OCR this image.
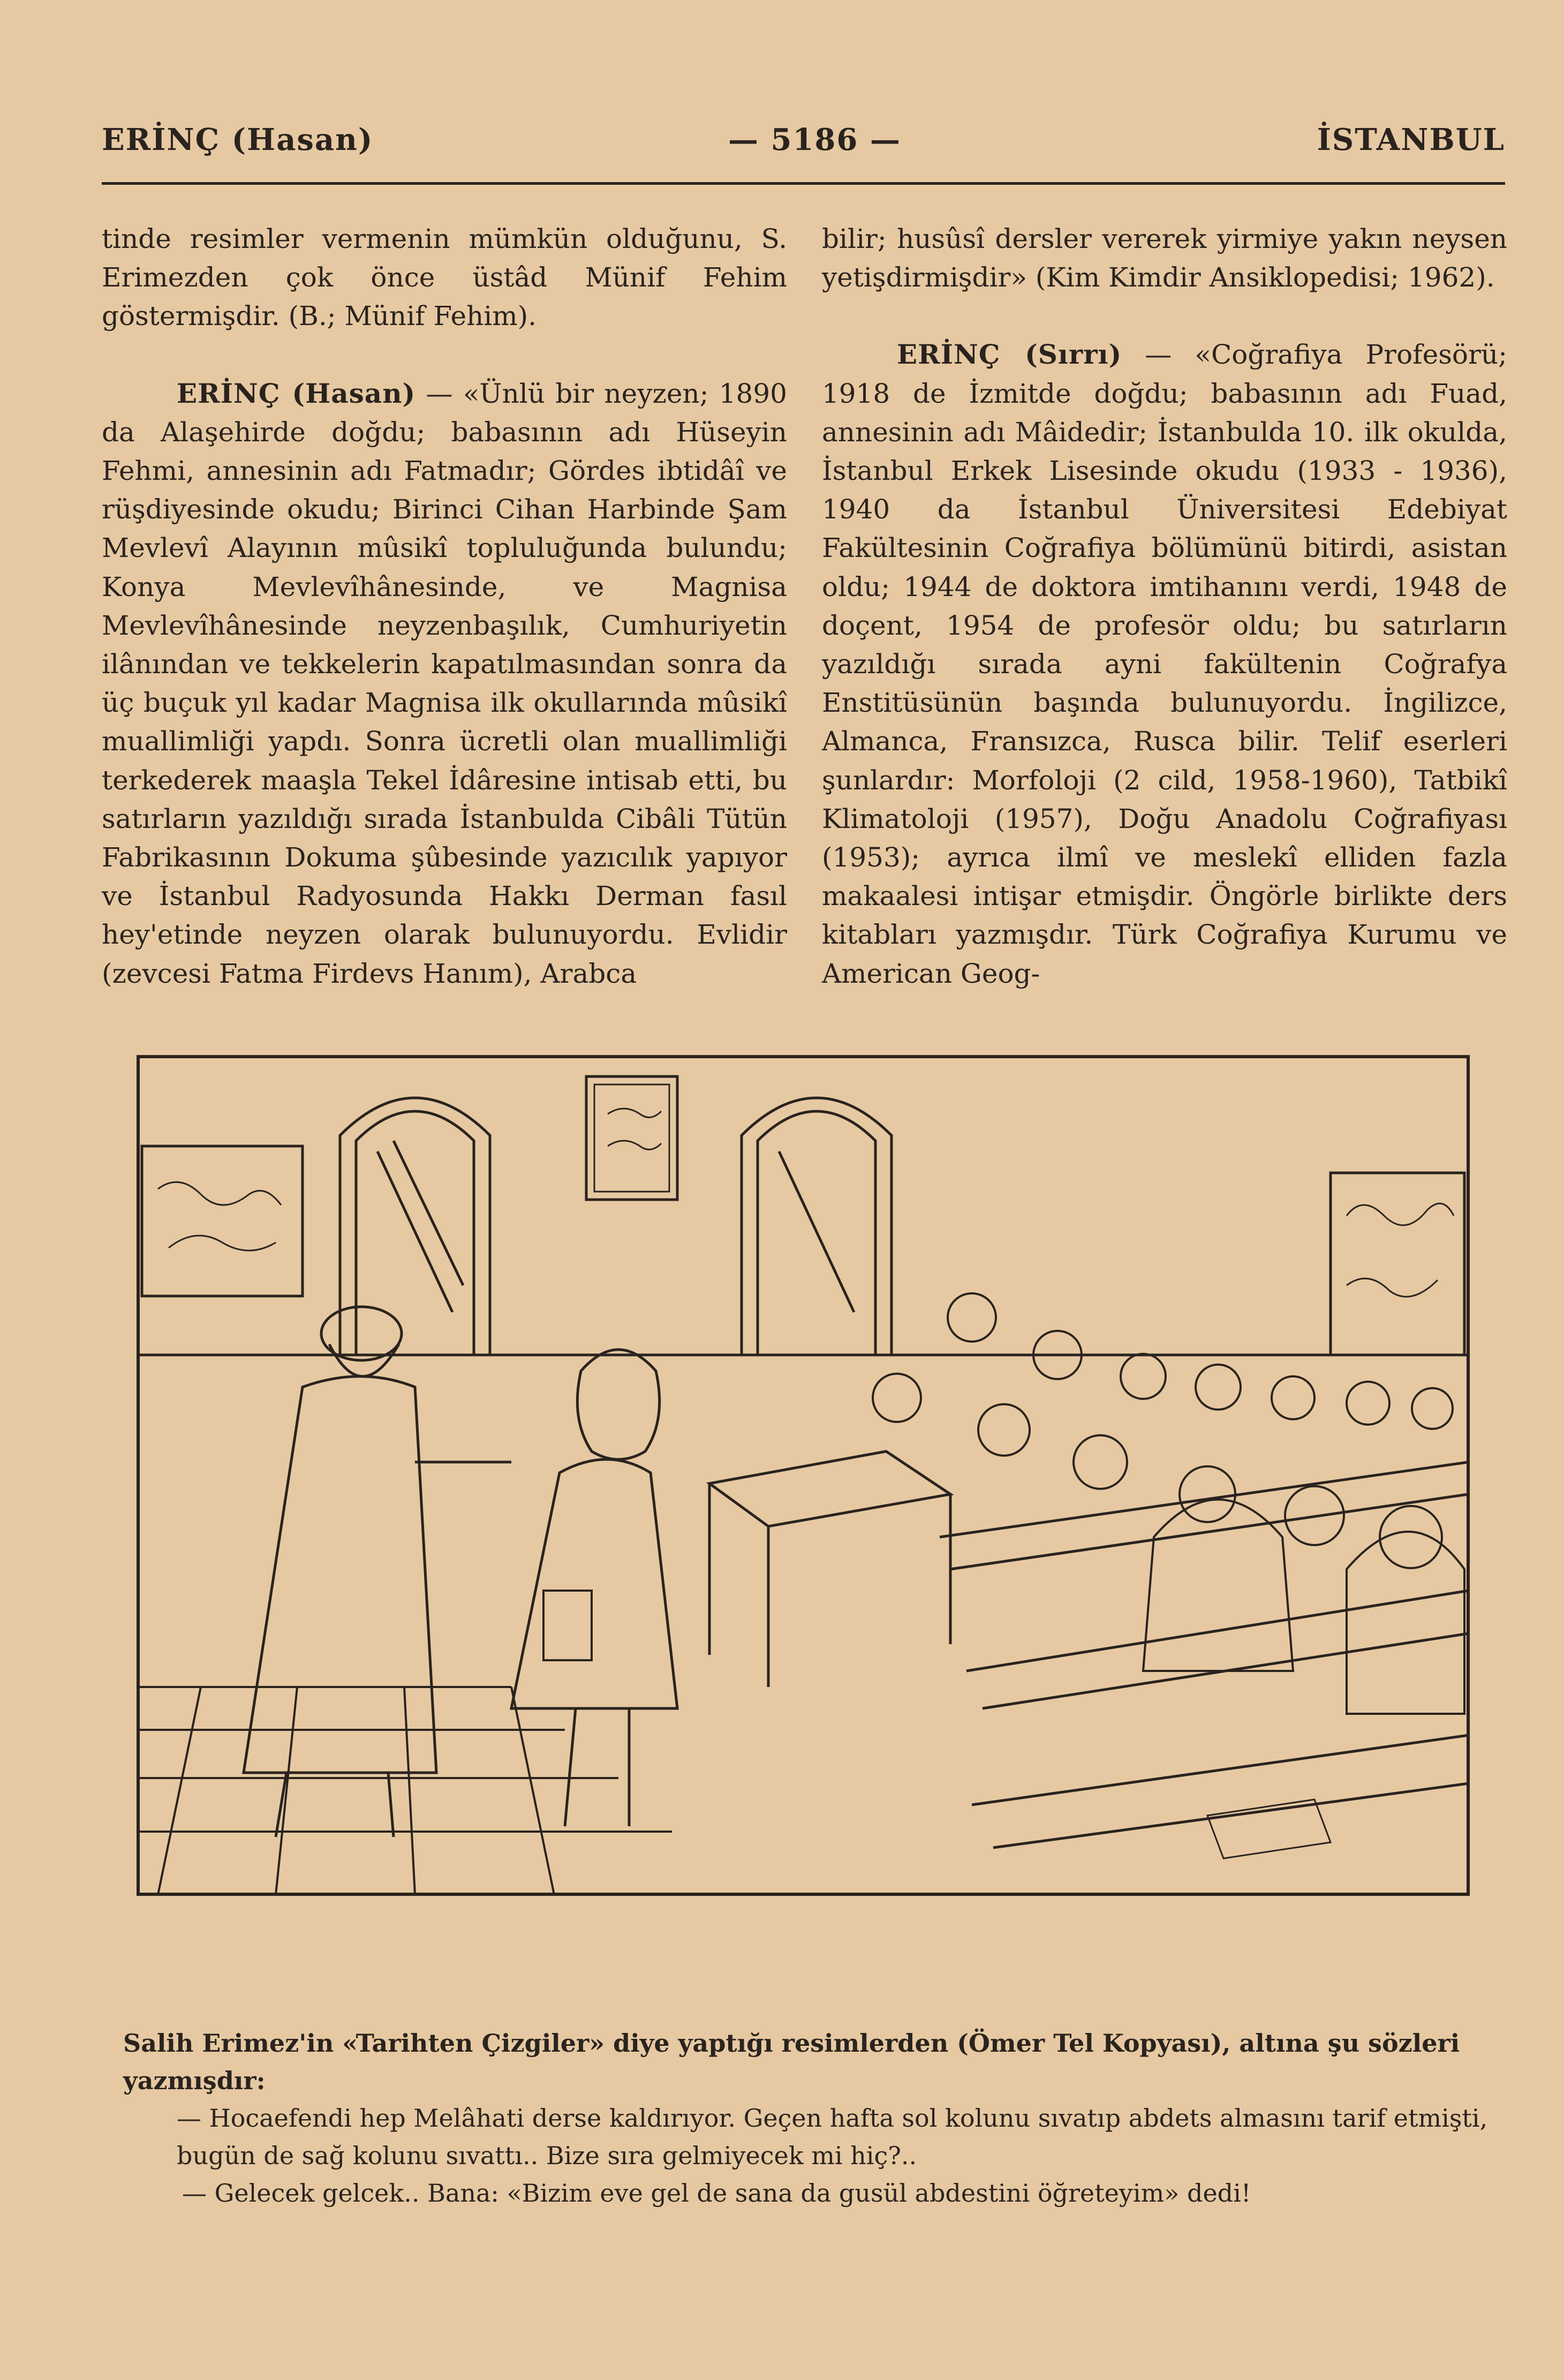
ERİNÇ (Hasan)	— 5186 —	İSTANBUL

tinde resimler vermenin mümkün olduğunu, S. Erimezden çok önce üstâd Münif Fehim göstermişdir. (B.; Münif Fehim).

ERİNÇ (Hasan) — «Ünlü bir neyzen; 1890 da Alaşehirde doğdu; babasının adı Hüseyin Fehmi, annesinin adı Fatmadır; Gördes ibtidâî ve rüşdiyesinde okudu; Birinci Cihan Harbinde Şam Mevlevî Alayının mûsikî topluluğunda bulundu; Konya Mevlevîhânesinde, ve Magnisa Mevlevîhânesinde neyzenbaşılık, Cumhuriyetin ilânından ve tekkelerin kapatılmasından sonra da üç buçuk yıl kadar Magnisa ilk okullarında mûsikî muallimliği yapdı. Sonra ücretli olan muallimliği terkederek maaşla Tekel İdâresine intisab etti, bu satırların yazıldığı sırada İstanbulda Cibâli Tütün Fabrikasının Dokuma şûbesinde yazıcılık yapıyor ve İstanbul Radyosunda Hakkı Derman fasıl hey'etinde neyzen olarak bulunuyordu. Evlidir (zevcesi Fatma Firdevs Hanım), Arabca

bilir; husûsî dersler vererek yirmiye yakın neysen yetişdirmişdir» (Kim Kimdir Ansiklopedisi; 1962).

ERİNÇ (Sırrı) — «Coğrafiya Profesörü; 1918 de İzmitde doğdu; babasının adı Fuad, annesinin adı Mâidedir; İstanbulda 10. ilk okulda, İstanbul Erkek Lisesinde okudu (1933 - 1936), 1940 da İstanbul Üniversitesi Edebiyat Fakültesinin Coğrafiya bölümünü bitirdi, asistan oldu; 1944 de doktora imtihanını verdi, 1948 de doçent, 1954 de profesör oldu; bu satırların yazıldığı sırada ayni fakültenin Coğrafya Enstitüsünün başında bulunuyordu. İngilizce, Almanca, Fransızca, Rusca bilir. Telif eserleri şunlardır: Morfoloji (2 cild, 1958-1960), Tatbikî Klimatoloji (1957), Doğu Anadolu Coğrafiyası (1953); ayrıca ilmî ve meslekî elliden fazla makaalesi intişar etmişdir. Öngörle birlikte ders kitabları yazmışdır. Türk Coğrafiya Kurumu ve American Geog-

Salih Erimez'in «Tarihten Çizgiler» diye yaptığı resimlerden (Ömer Tel Kopyası), altına şu sözleri yazmışdır:

— Hocaefendi hep Melâhati derse kaldırıyor. Geçen hafta sol kolunu sıvatıp abdets almasını tarif etmişti, bugün de sağ kolunu sıvattı.. Bize sıra gelmiyecek mi hiç?..

— Gelecek gelcek.. Bana: «Bizim eve gel de sana da gusül abdestini öğreteyim» dedi!
